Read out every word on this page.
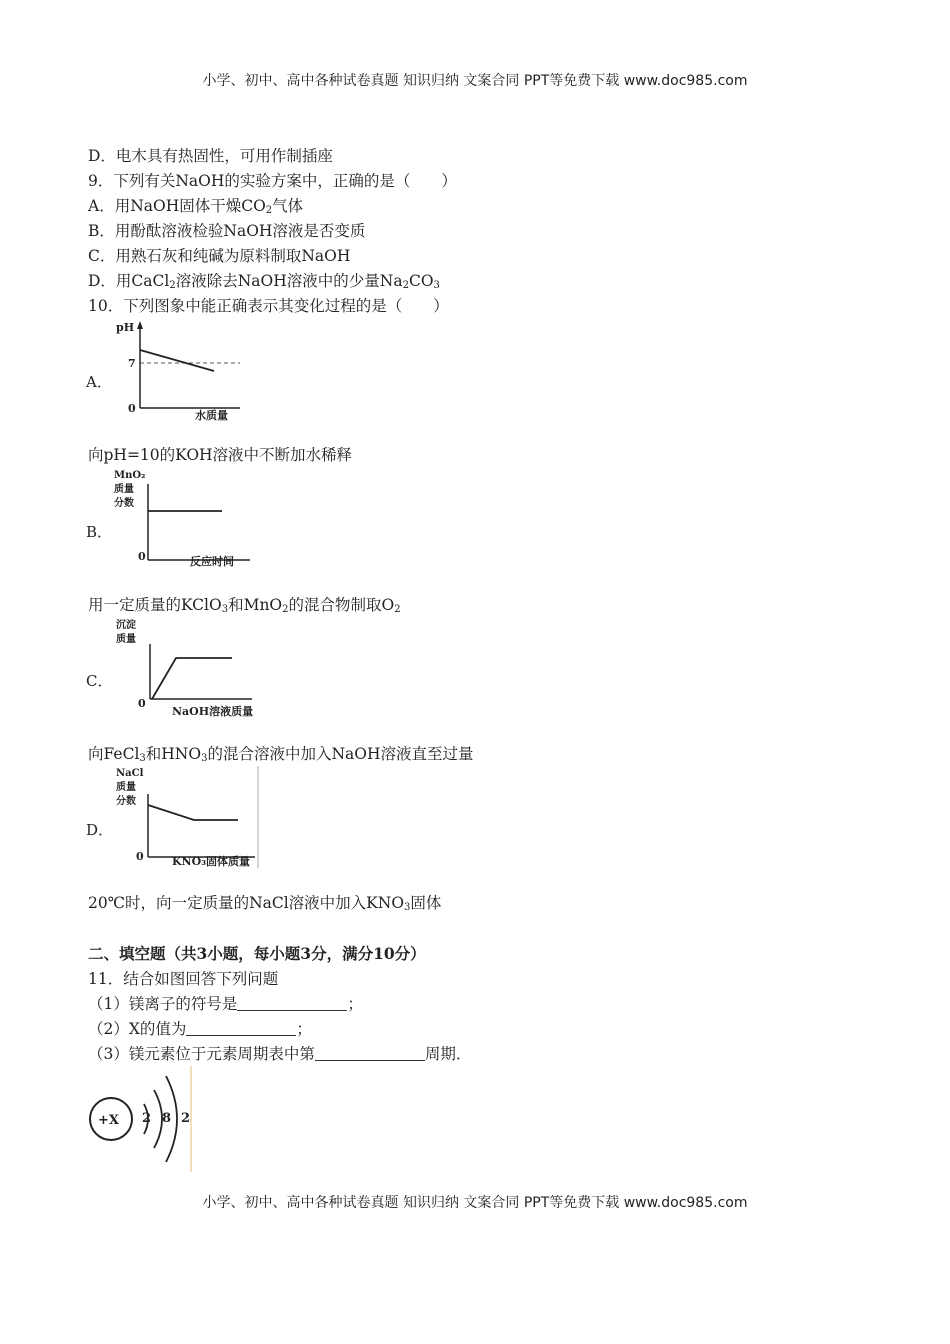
小学、初中、高中各种试卷真题 知识归纳 文案合同 PPT等免费下载 www.doc985.com
D．电木具有热固性，可用作制插座
9．下列有关NaOH的实验方案中，正确的是（　　）
A．用NaOH固体干燥$CO_2$气体
B．用酚酞溶液检验NaOH溶液是否变质
C．用熟石灰和纯碱为原料制取NaOH
D．用CaCl$_2$溶液除去NaOH溶液中的少量$Na_2CO_3$
10．下列图象中能正确表示其变化过程的是（　　）
A．
pH
7
0
水质量
向pH=10的KOH溶液中不断加水稀释
B．
MnO₂
质量
分数
0	反应时间
用一定质量的KClO$_3$和MnO$_2$的混合物制取$O_2$
C．
沉淀
质量
0
NaOH溶液质量
向FeCl$_3$和$HNO_3$的混合溶液中加入NaOH溶液直至过量
D．
NaCl
质量
分数
0	KNO₃固体质量
20℃时，向一定质量的NaCl溶液中加入$KNO_3$固体
二、填空题（共3小题，每小题3分，满分10分）
11．结合如图回答下列问题
（1）镁离子的符号是	；
（2）X的值为	；
（3）镁元素位于元素周期表中第	周期．
+X 2 8 2
小学、初中、高中各种试卷真题 知识归纳 文案合同 PPT等免费下载 www.doc985.com
